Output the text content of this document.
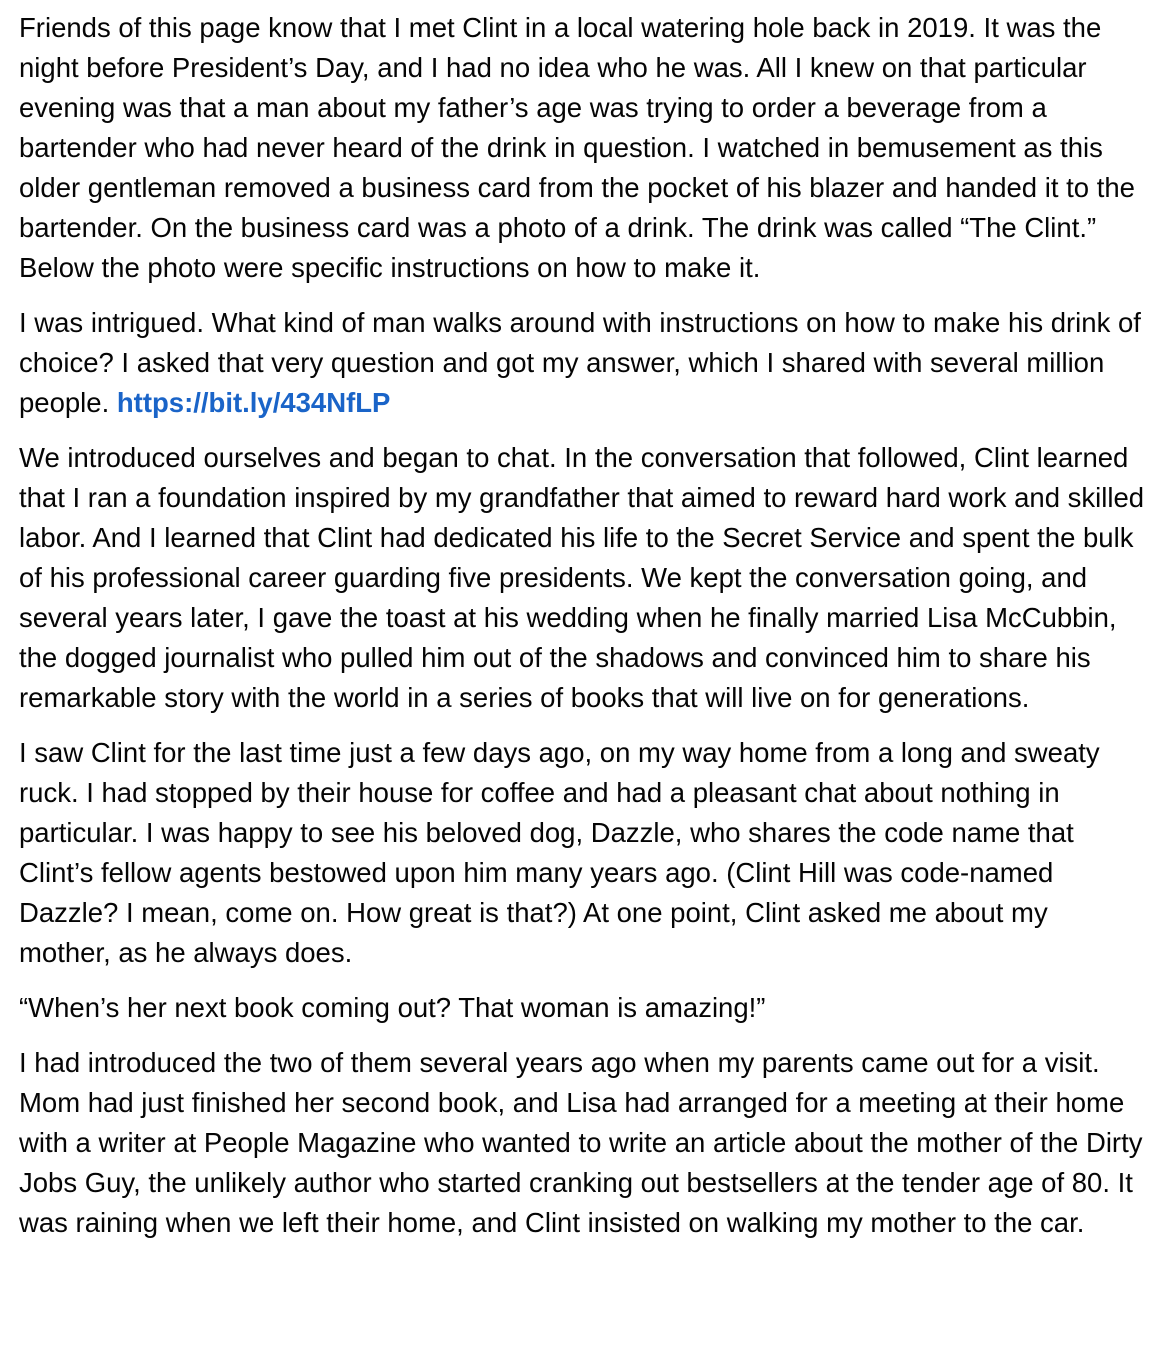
Friends of this page know that I met Clint in a local watering hole back in 2019. It was the night before President’s Day, and I had no idea who he was. All I knew on that particular evening was that a man about my father’s age was trying to order a beverage from a bartender who had never heard of the drink in question. I watched in bemusement as this older gentleman removed a business card from the pocket of his blazer and handed it to the bartender. On the business card was a photo of a drink. The drink was called “The Clint.” Below the photo were specific instructions on how to make it.

I was intrigued. What kind of man walks around with instructions on how to make his drink of choice? I asked that very question and got my answer, which I shared with several million people. https://bit.ly/434NfLP

We introduced ourselves and began to chat. In the conversation that followed, Clint learned that I ran a foundation inspired by my grandfather that aimed to reward hard work and skilled labor. And I learned that Clint had dedicated his life to the Secret Service and spent the bulk of his professional career guarding five presidents. We kept the conversation going, and several years later, I gave the toast at his wedding when he finally married Lisa McCubbin, the dogged journalist who pulled him out of the shadows and convinced him to share his remarkable story with the world in a series of books that will live on for generations.

I saw Clint for the last time just a few days ago, on my way home from a long and sweaty ruck. I had stopped by their house for coffee and had a pleasant chat about nothing in particular. I was happy to see his beloved dog, Dazzle, who shares the code name that Clint’s fellow agents bestowed upon him many years ago. (Clint Hill was code-named Dazzle? I mean, come on. How great is that?) At one point, Clint asked me about my mother, as he always does.

“When’s her next book coming out? That woman is amazing!”

I had introduced the two of them several years ago when my parents came out for a visit. Mom had just finished her second book, and Lisa had arranged for a meeting at their home with a writer at People Magazine who wanted to write an article about the mother of the Dirty Jobs Guy, the unlikely author who started cranking out bestsellers at the tender age of 80. It was raining when we left their home, and Clint insisted on walking my mother to the car.
